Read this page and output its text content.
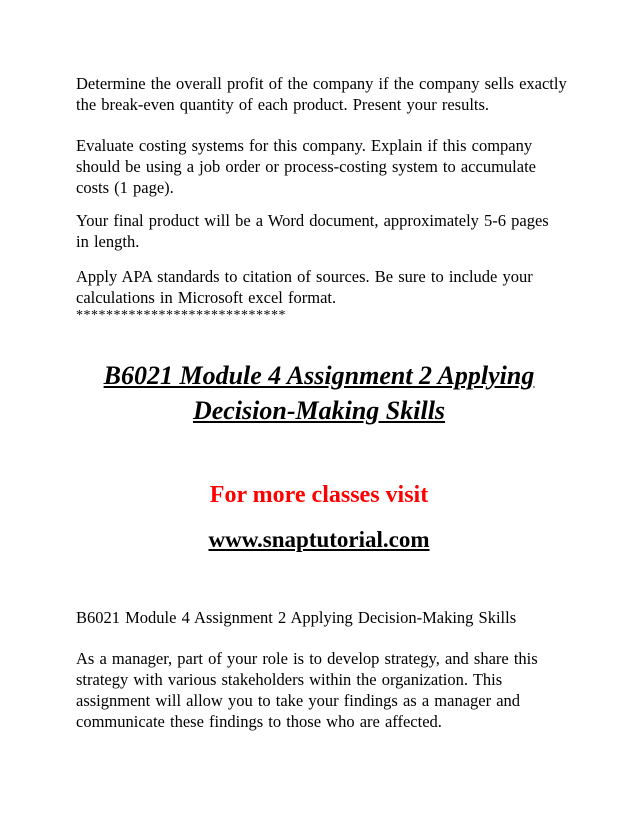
Determine the overall profit of the company if the company sells exactly
the break-even quantity of each product. Present your results.

Evaluate costing systems for this company. Explain if this company
should be using a job order or process-costing system to accumulate
costs (1 page).

Your final product will be a Word document, approximately 5-6 pages
in length.

Apply APA standards to citation of sources. Be sure to include your
calculations in Microsoft excel format.

****************************
B6021 Module 4 Assignment 2 Applying
Decision-Making Skills
For more classes visit
www.snaptutorial.com

B6021 Module 4 Assignment 2 Applying Decision-Making Skills

As a manager, part of your role is to develop strategy, and share this
strategy with various stakeholders within the organization. This
assignment will allow you to take your findings as a manager and
communicate these findings to those who are affected.
